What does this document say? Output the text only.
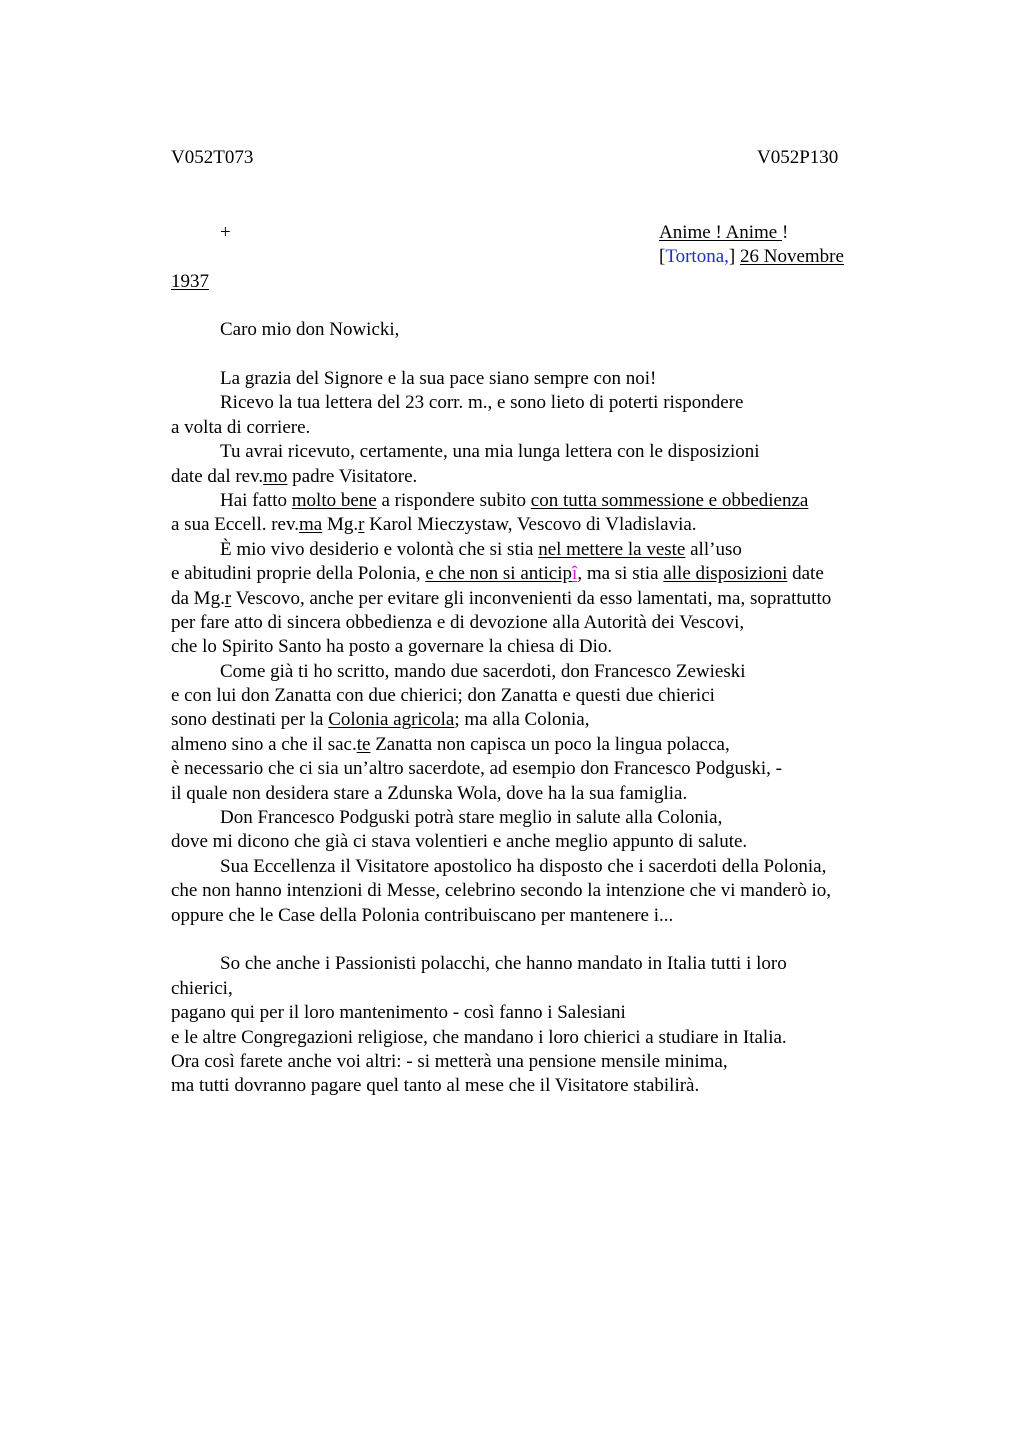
V052T073	V052P130
+	Anime ! Anime !
[Tortona,] 26 Novembre
1937
Caro mio don Nowicki,
La grazia del Signore e la sua pace siano sempre con noi!
Ricevo la tua lettera del 23 corr. m., e sono lieto di poterti rispondere
a volta di corriere.
Tu avrai ricevuto, certamente, una mia lunga lettera con le disposizioni
date dal rev.mo padre Visitatore.
Hai fatto molto bene a rispondere subito con tutta sommessione e obbedienza
a sua Eccell. rev.ma Mg.r Karol Mieczystaw, Vescovo di Vladislavia.
È mio vivo desiderio e volontà che si stia nel mettere la veste all’uso
e abitudini proprie della Polonia, e che non si anticipî, ma si stia alle disposizioni date
da Mg.r Vescovo, anche per evitare gli inconvenienti da esso lamentati, ma, soprattutto
per fare atto di sincera obbedienza e di devozione alla Autorità dei Vescovi,
che lo Spirito Santo ha posto a governare la chiesa di Dio.
Come già ti ho scritto, mando due sacerdoti, don Francesco Zewieski
e con lui don Zanatta con due chierici; don Zanatta e questi due chierici
sono destinati per la Colonia agricola; ma alla Colonia,
almeno sino a che il sac.te Zanatta non capisca un poco la lingua polacca,
è necessario che ci sia un’altro sacerdote, ad esempio don Francesco Podguski, -
il quale non desidera stare a Zdunska Wola, dove ha la sua famiglia.
Don Francesco Podguski potrà stare meglio in salute alla Colonia,
dove mi dicono che già ci stava volentieri e anche meglio appunto di salute.
Sua Eccellenza il Visitatore apostolico ha disposto che i sacerdoti della Polonia,
che non hanno intenzioni di Messe, celebrino secondo la intenzione che vi manderò io,
oppure che le Case della Polonia contribuiscano per mantenere i...
So che anche i Passionisti polacchi, che hanno mandato in Italia tutti i loro
chierici,
pagano qui per il loro mantenimento - così fanno i Salesiani
e le altre Congregazioni religiose, che mandano i loro chierici a studiare in Italia.
Ora così farete anche voi altri: - si metterà una pensione mensile minima,
ma tutti dovranno pagare quel tanto al mese che il Visitatore stabilirà.
